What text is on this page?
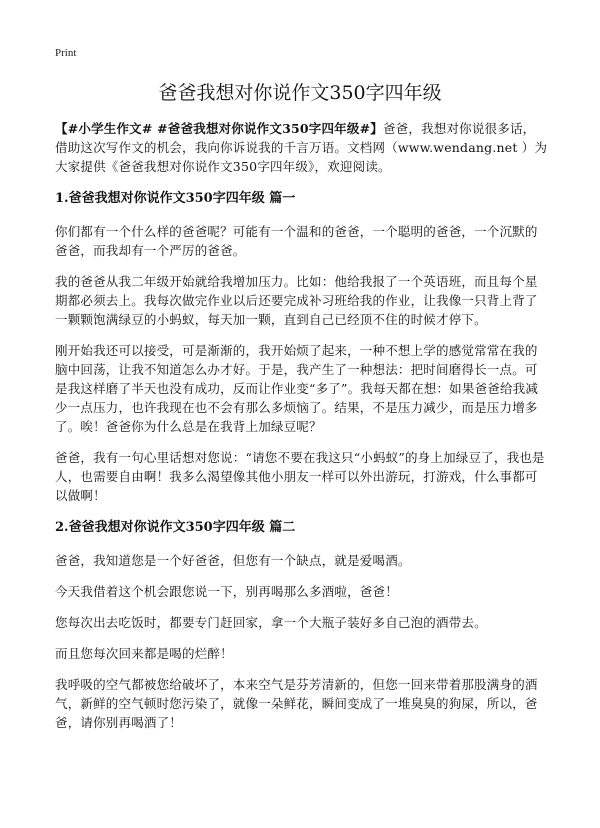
Print
爸爸我想对你说作文350字四年级

【#小学生作文# #爸爸我想对你说作文350字四年级#】爸爸，我想对你说很多话，借助这次写作文的机会，我向你诉说我的千言万语。文档网（www.wendang.net ）为大家提供《爸爸我想对你说作文350字四年级》，欢迎阅读。

1.爸爸我想对你说作文350字四年级 篇一

你们都有一个什么样的爸爸呢？可能有一个温和的爸爸，一个聪明的爸爸，一个沉默的爸爸，而我却有一个严厉的爸爸。

我的爸爸从我二年级开始就给我增加压力。比如：他给我报了一个英语班，而且每个星期都必须去上。我每次做完作业以后还要完成补习班给我的作业，让我像一只背上背了一颗颗饱满绿豆的小蚂蚁，每天加一颗，直到自己已经顶不住的时候才停下。

刚开始我还可以接受，可是渐渐的，我开始烦了起来，一种不想上学的感觉常常在我的脑中回荡，让我不知道怎么办才好。于是，我产生了一种想法：把时间磨得长一点。可是我这样磨了半天也没有成功，反而让作业变“多了”。我每天都在想：如果爸爸给我减少一点压力，也许我现在也不会有那么多烦恼了。结果，不是压力减少，而是压力增多了。唉！爸爸你为什么总是在我背上加绿豆呢？

爸爸，我有一句心里话想对您说：“请您不要在我这只“小蚂蚁”的身上加绿豆了，我也是人，也需要自由啊！我多么渴望像其他小朋友一样可以外出游玩，打游戏，什么事都可以做啊！

2.爸爸我想对你说作文350字四年级 篇二

爸爸，我知道您是一个好爸爸，但您有一个缺点，就是爱喝酒。

今天我借着这个机会跟您说一下，别再喝那么多酒啦，爸爸！

您每次出去吃饭时，都要专门赶回家，拿一个大瓶子装好多自己泡的酒带去。

而且您每次回来都是喝的烂醉！

我呼吸的空气都被您给破坏了，本来空气是芬芳清新的，但您一回来带着那股满身的酒气，新鲜的空气顿时您污染了，就像一朵鲜花，瞬间变成了一堆臭臭的狗屎，所以，爸爸，请你别再喝酒了！
